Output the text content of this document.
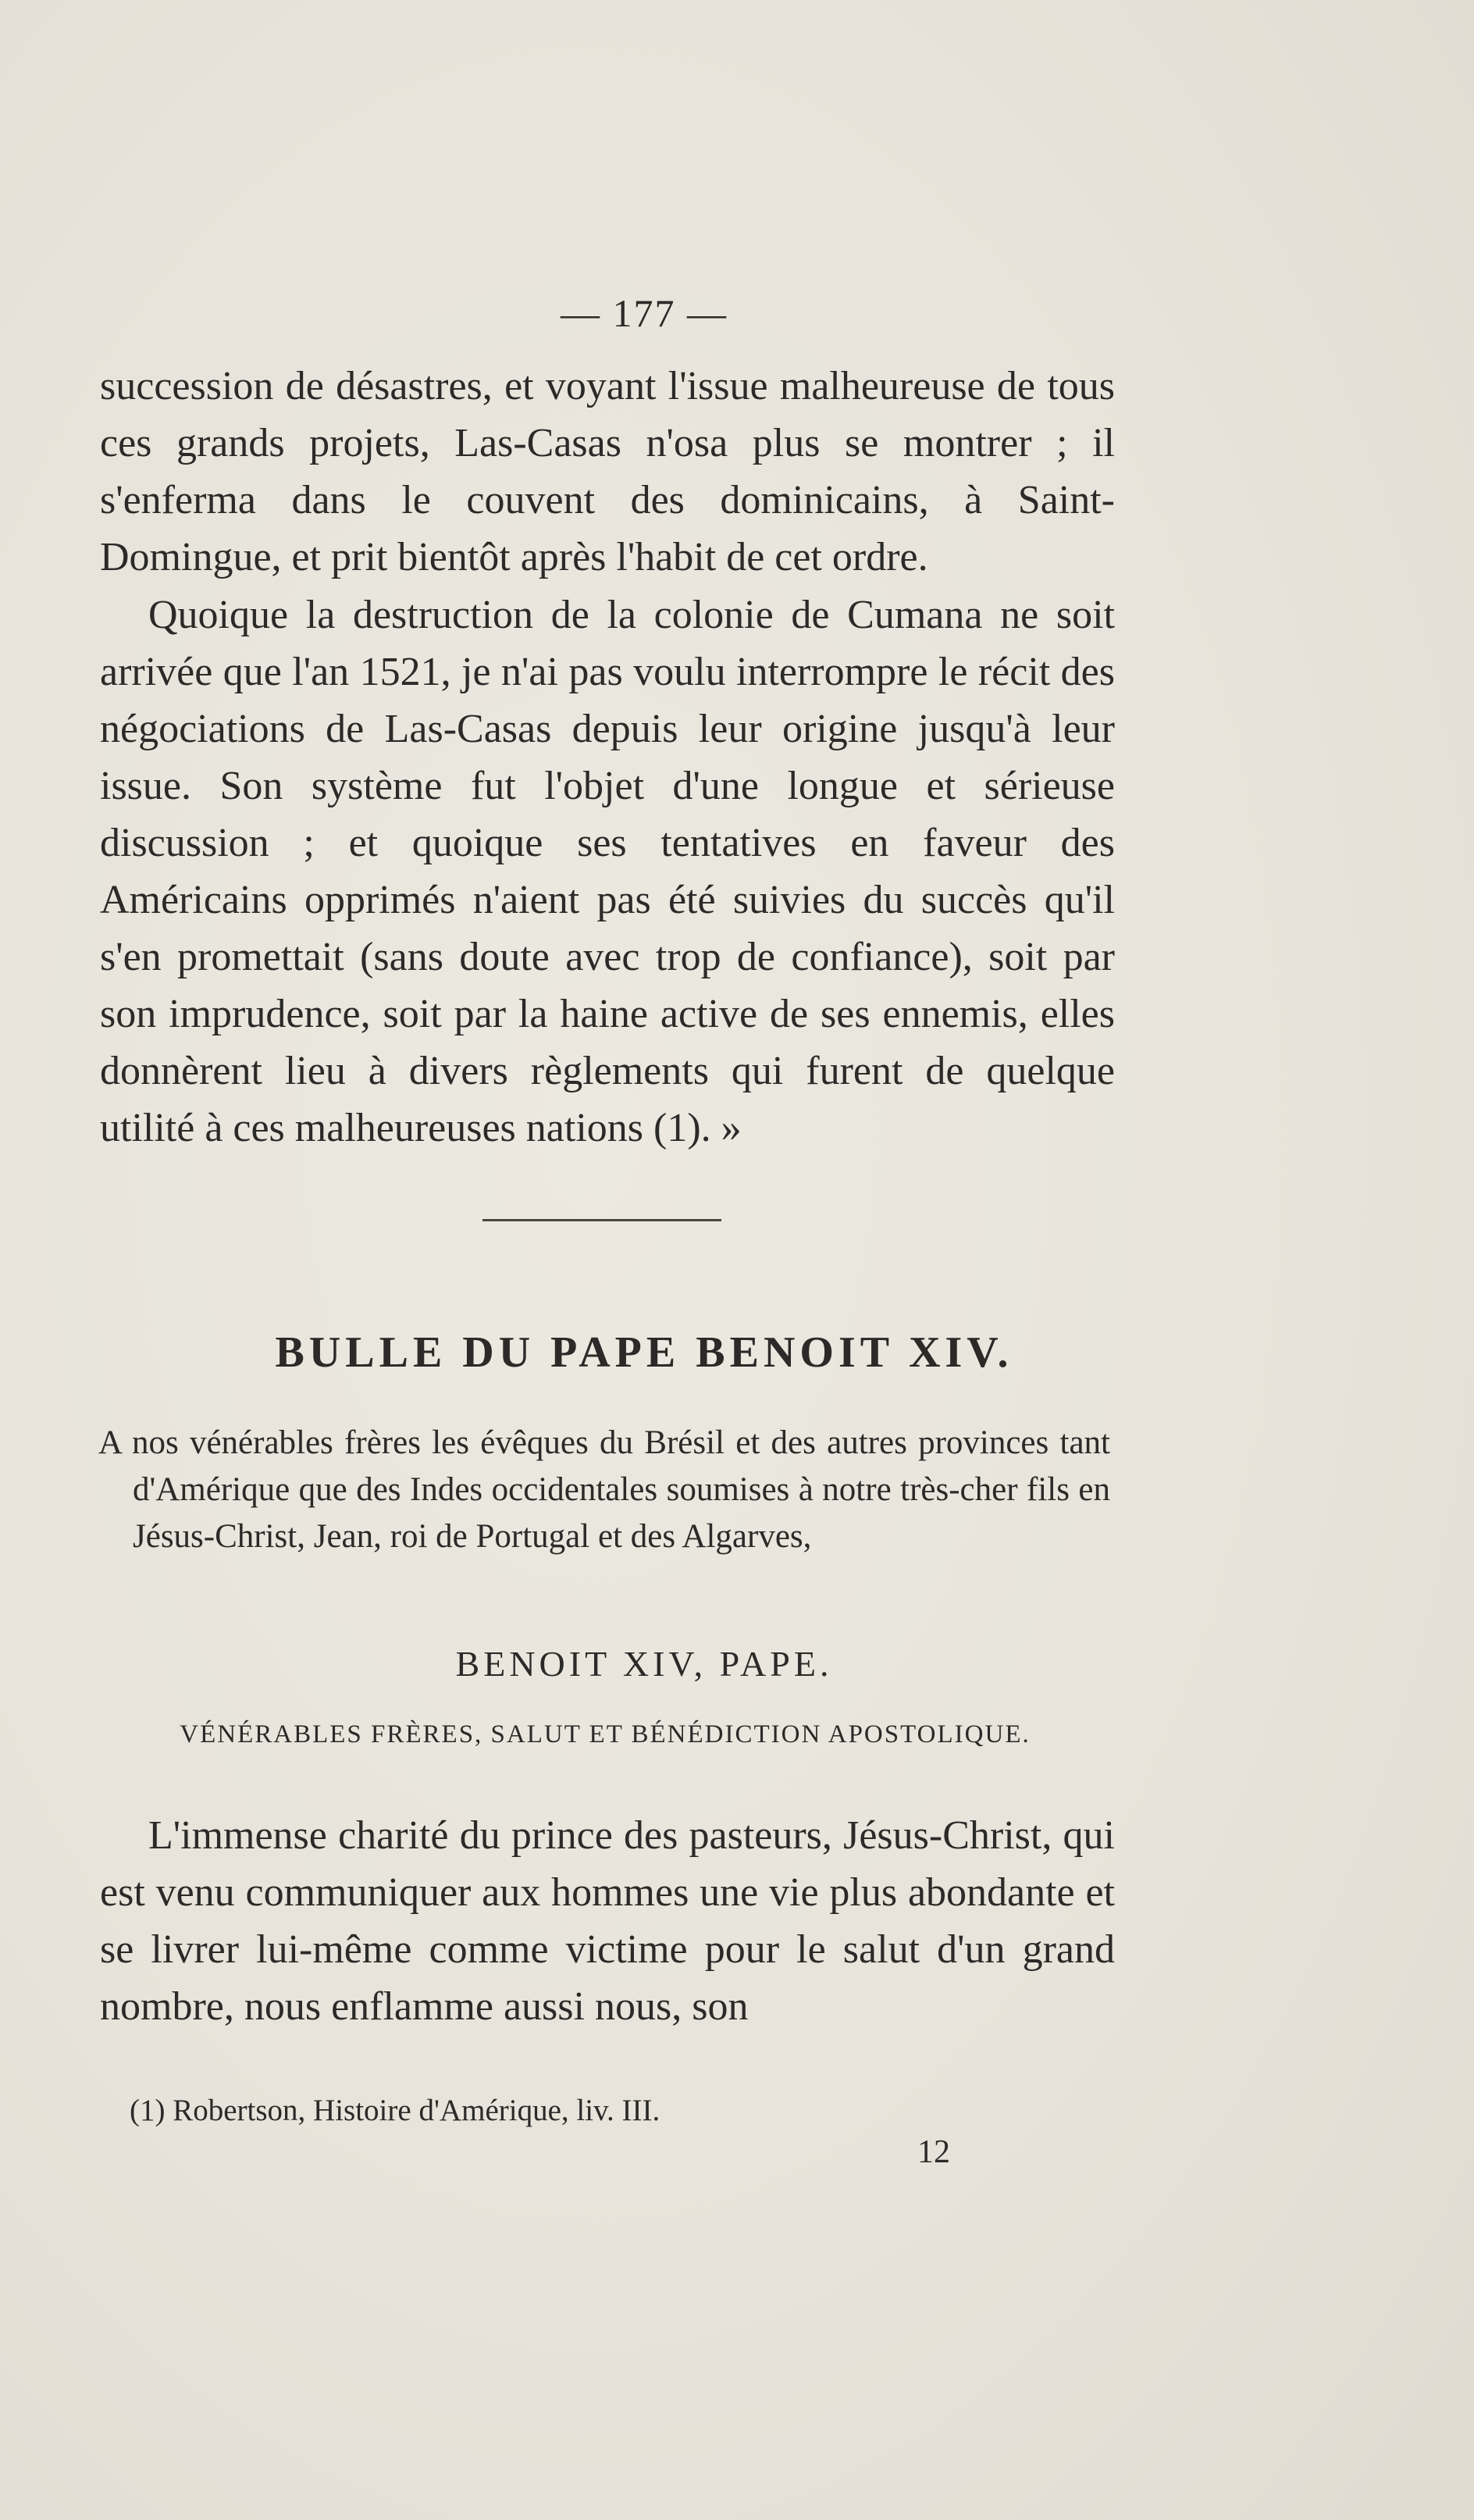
— 177 —

succession de désastres, et voyant l'issue malheureuse de tous ces grands projets, Las-Casas n'osa plus se montrer ; il s'enferma dans le couvent des dominicains, à Saint-Domingue, et prit bientôt après l'habit de cet ordre.

Quoique la destruction de la colonie de Cumana ne soit arrivée que l'an 1521, je n'ai pas voulu interrompre le récit des négociations de Las-Casas depuis leur origine jusqu'à leur issue. Son système fut l'objet d'une longue et sérieuse discussion ; et quoique ses tentatives en faveur des Américains opprimés n'aient pas été suivies du succès qu'il s'en promettait (sans doute avec trop de confiance), soit par son imprudence, soit par la haine active de ses ennemis, elles donnèrent lieu à divers règlements qui furent de quelque utilité à ces malheureuses nations (1). »

BULLE DU PAPE BENOIT XIV.
A nos vénérables frères les évêques du Brésil et des autres provinces tant d'Amérique que des Indes occidentales soumises à notre très-cher fils en Jésus-Christ, Jean, roi de Portugal et des Algarves,
BENOIT XIV, PAPE.
VÉNÉRABLES FRÈRES, SALUT ET BÉNÉDICTION APOSTOLIQUE.

L'immense charité du prince des pasteurs, Jésus-Christ, qui est venu communiquer aux hommes une vie plus abondante et se livrer lui-même comme victime pour le salut d'un grand nombre, nous enflamme aussi nous, son

(1) Robertson, Histoire d'Amérique, liv. III.
12
